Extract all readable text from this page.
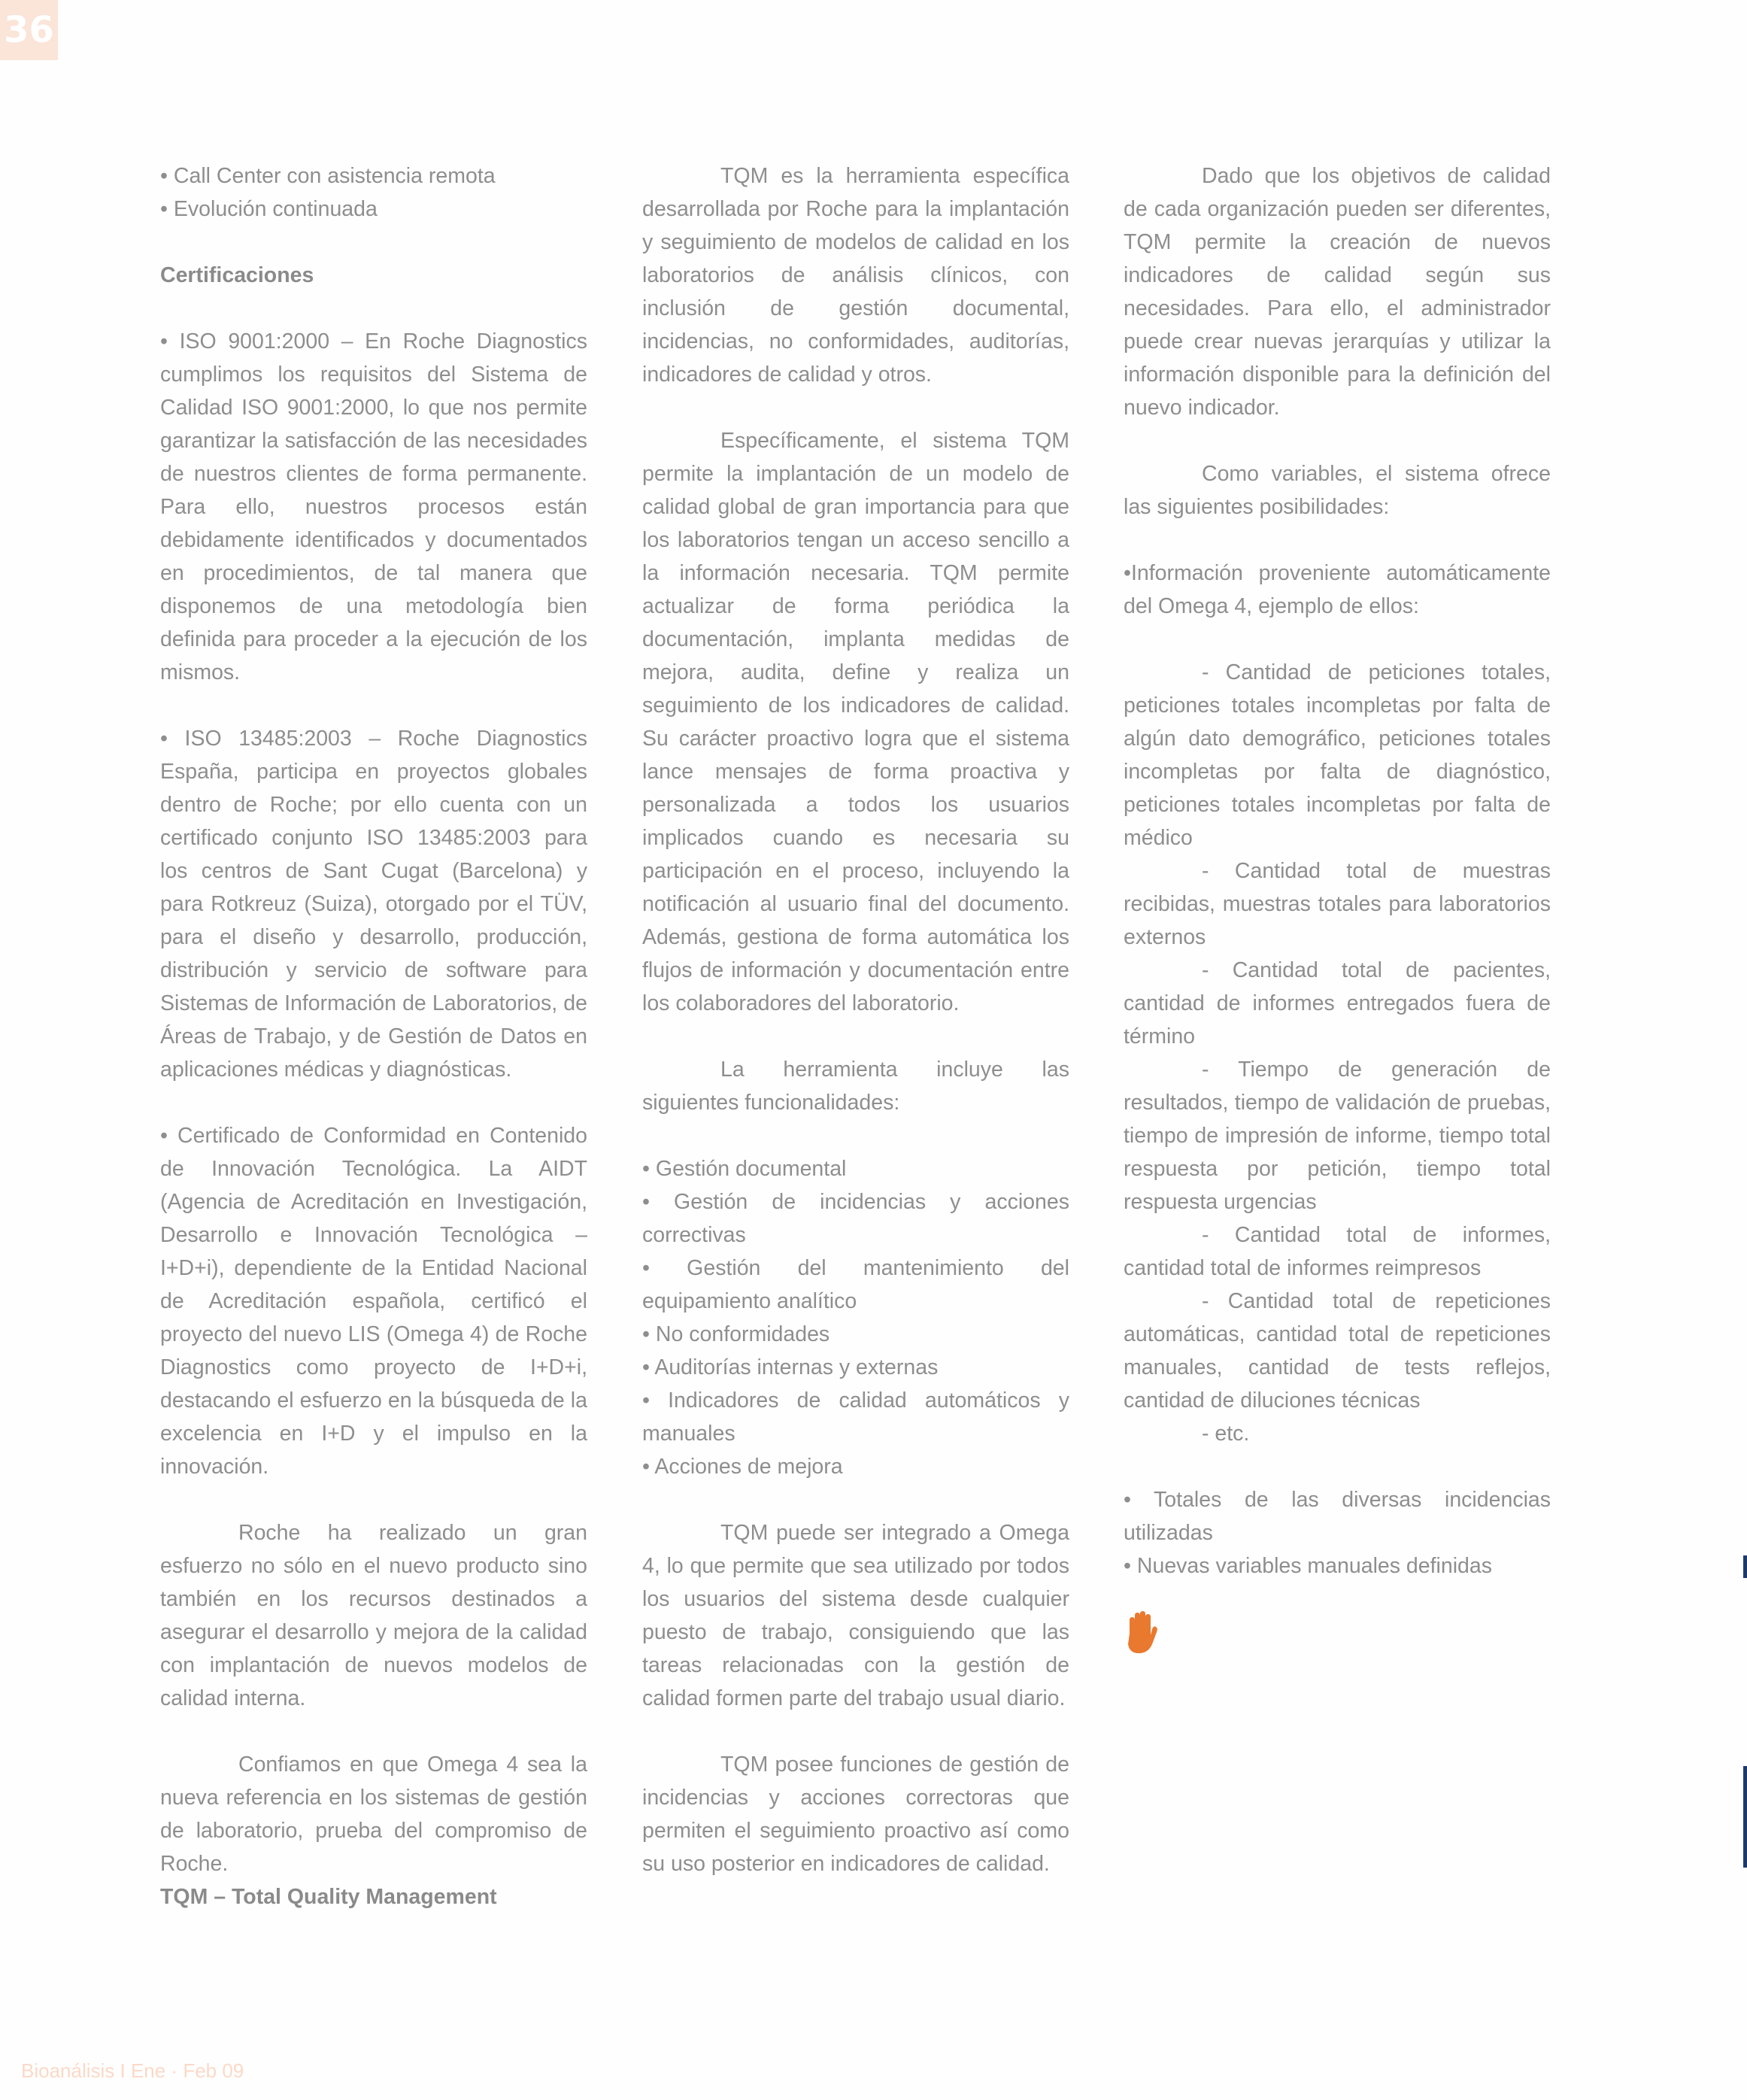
36
• Call Center con asistencia remota
• Evolución continuada

Certificaciones

• ISO 9001:2000 – En Roche Diagnostics cumplimos los requisitos del Sistema de Calidad ISO 9001:2000, lo que nos permite garantizar la satisfacción de las necesidades de nuestros clientes de forma permanente. Para ello, nuestros procesos están debidamente identificados y documentados en procedimientos, de tal manera que disponemos de una metodología bien definida para proceder a la ejecución de los mismos.

• ISO 13485:2003 – Roche Diagnostics España, participa en proyectos globales dentro de Roche; por ello cuenta con un certificado conjunto ISO 13485:2003 para los centros de Sant Cugat (Barcelona) y para Rotkreuz (Suiza), otorgado por el TÜV, para el diseño y desarrollo, producción, distribución y servicio de software para Sistemas de Información de Laboratorios, de Áreas de Trabajo, y de Gestión de Datos en aplicaciones médicas y diagnósticas.

• Certificado de Conformidad en Contenido de Innovación Tecnológica. La AIDT (Agencia de Acreditación en Investigación, Desarrollo e Innovación Tecnológica – I+D+i), dependiente de la Entidad Nacional de Acreditación española, certificó el proyecto del nuevo LIS (Omega 4) de Roche Diagnostics como proyecto de I+D+i, destacando el esfuerzo en la búsqueda de la excelencia en I+D y el impulso en la innovación.

Roche ha realizado un gran esfuerzo no sólo en el nuevo producto sino también en los recursos destinados a asegurar el desarrollo y mejora de la calidad con implantación de nuevos modelos de calidad interna.

Confiamos en que Omega 4 sea la nueva referencia en los sistemas de gestión de laboratorio, prueba del compromiso de Roche.

TQM – Total Quality Management

TQM es la herramienta específica desarrollada por Roche para la implantación y seguimiento de modelos de calidad en los laboratorios de análisis clínicos, con inclusión de gestión documental, incidencias, no conformidades, auditorías, indicadores de calidad y otros.

Específicamente, el sistema TQM permite la implantación de un modelo de calidad global de gran importancia para que los laboratorios tengan un acceso sencillo a la información necesaria. TQM permite actualizar de forma periódica la documentación, implanta medidas de mejora, audita, define y realiza un seguimiento de los indicadores de calidad. Su carácter proactivo logra que el sistema lance mensajes de forma proactiva y personalizada a todos los usuarios implicados cuando es necesaria su participación en el proceso, incluyendo la notificación al usuario final del documento. Además, gestiona de forma automática los flujos de información y documentación entre los colaboradores del laboratorio.

La herramienta incluye las siguientes funcionalidades:

• Gestión documental
• Gestión de incidencias y acciones correctivas
• Gestión del mantenimiento del equipamiento analítico
• No conformidades
• Auditorías internas y externas
• Indicadores de calidad automáticos y manuales
• Acciones de mejora

TQM puede ser integrado a Omega 4, lo que permite que sea utilizado por todos los usuarios del sistema desde cualquier puesto de trabajo, consiguiendo que las tareas relacionadas con la gestión de calidad formen parte del trabajo usual diario.

TQM posee funciones de gestión de incidencias y acciones correctoras que permiten el seguimiento proactivo así como su uso posterior en indicadores de calidad.

Dado que los objetivos de calidad de cada organización pueden ser diferentes, TQM permite la creación de nuevos indicadores de calidad según sus necesidades. Para ello, el administrador puede crear nuevas jerarquías y utilizar la información disponible para la definición del nuevo indicador.

Como variables, el sistema ofrece las siguientes posibilidades:

•Información proveniente automáticamente del Omega 4, ejemplo de ellos:

- Cantidad de peticiones totales, peticiones totales incompletas por falta de algún dato demográfico, peticiones totales incompletas por falta de diagnóstico, peticiones totales incompletas por falta de médico

- Cantidad total de muestras recibidas, muestras totales para laboratorios externos

- Cantidad total de pacientes, cantidad de informes entregados fuera de término

- Tiempo de generación de resultados, tiempo de validación de pruebas, tiempo de impresión de informe, tiempo total respuesta por petición, tiempo total respuesta urgencias

- Cantidad total de informes, cantidad total de informes reimpresos

- Cantidad total de repeticiones automáticas, cantidad total de repeticiones manuales, cantidad de tests reflejos, cantidad de diluciones técnicas

- etc.

• Totales de las diversas incidencias utilizadas

• Nuevas variables manuales definidas

Bioanálisis I Ene · Feb 09
